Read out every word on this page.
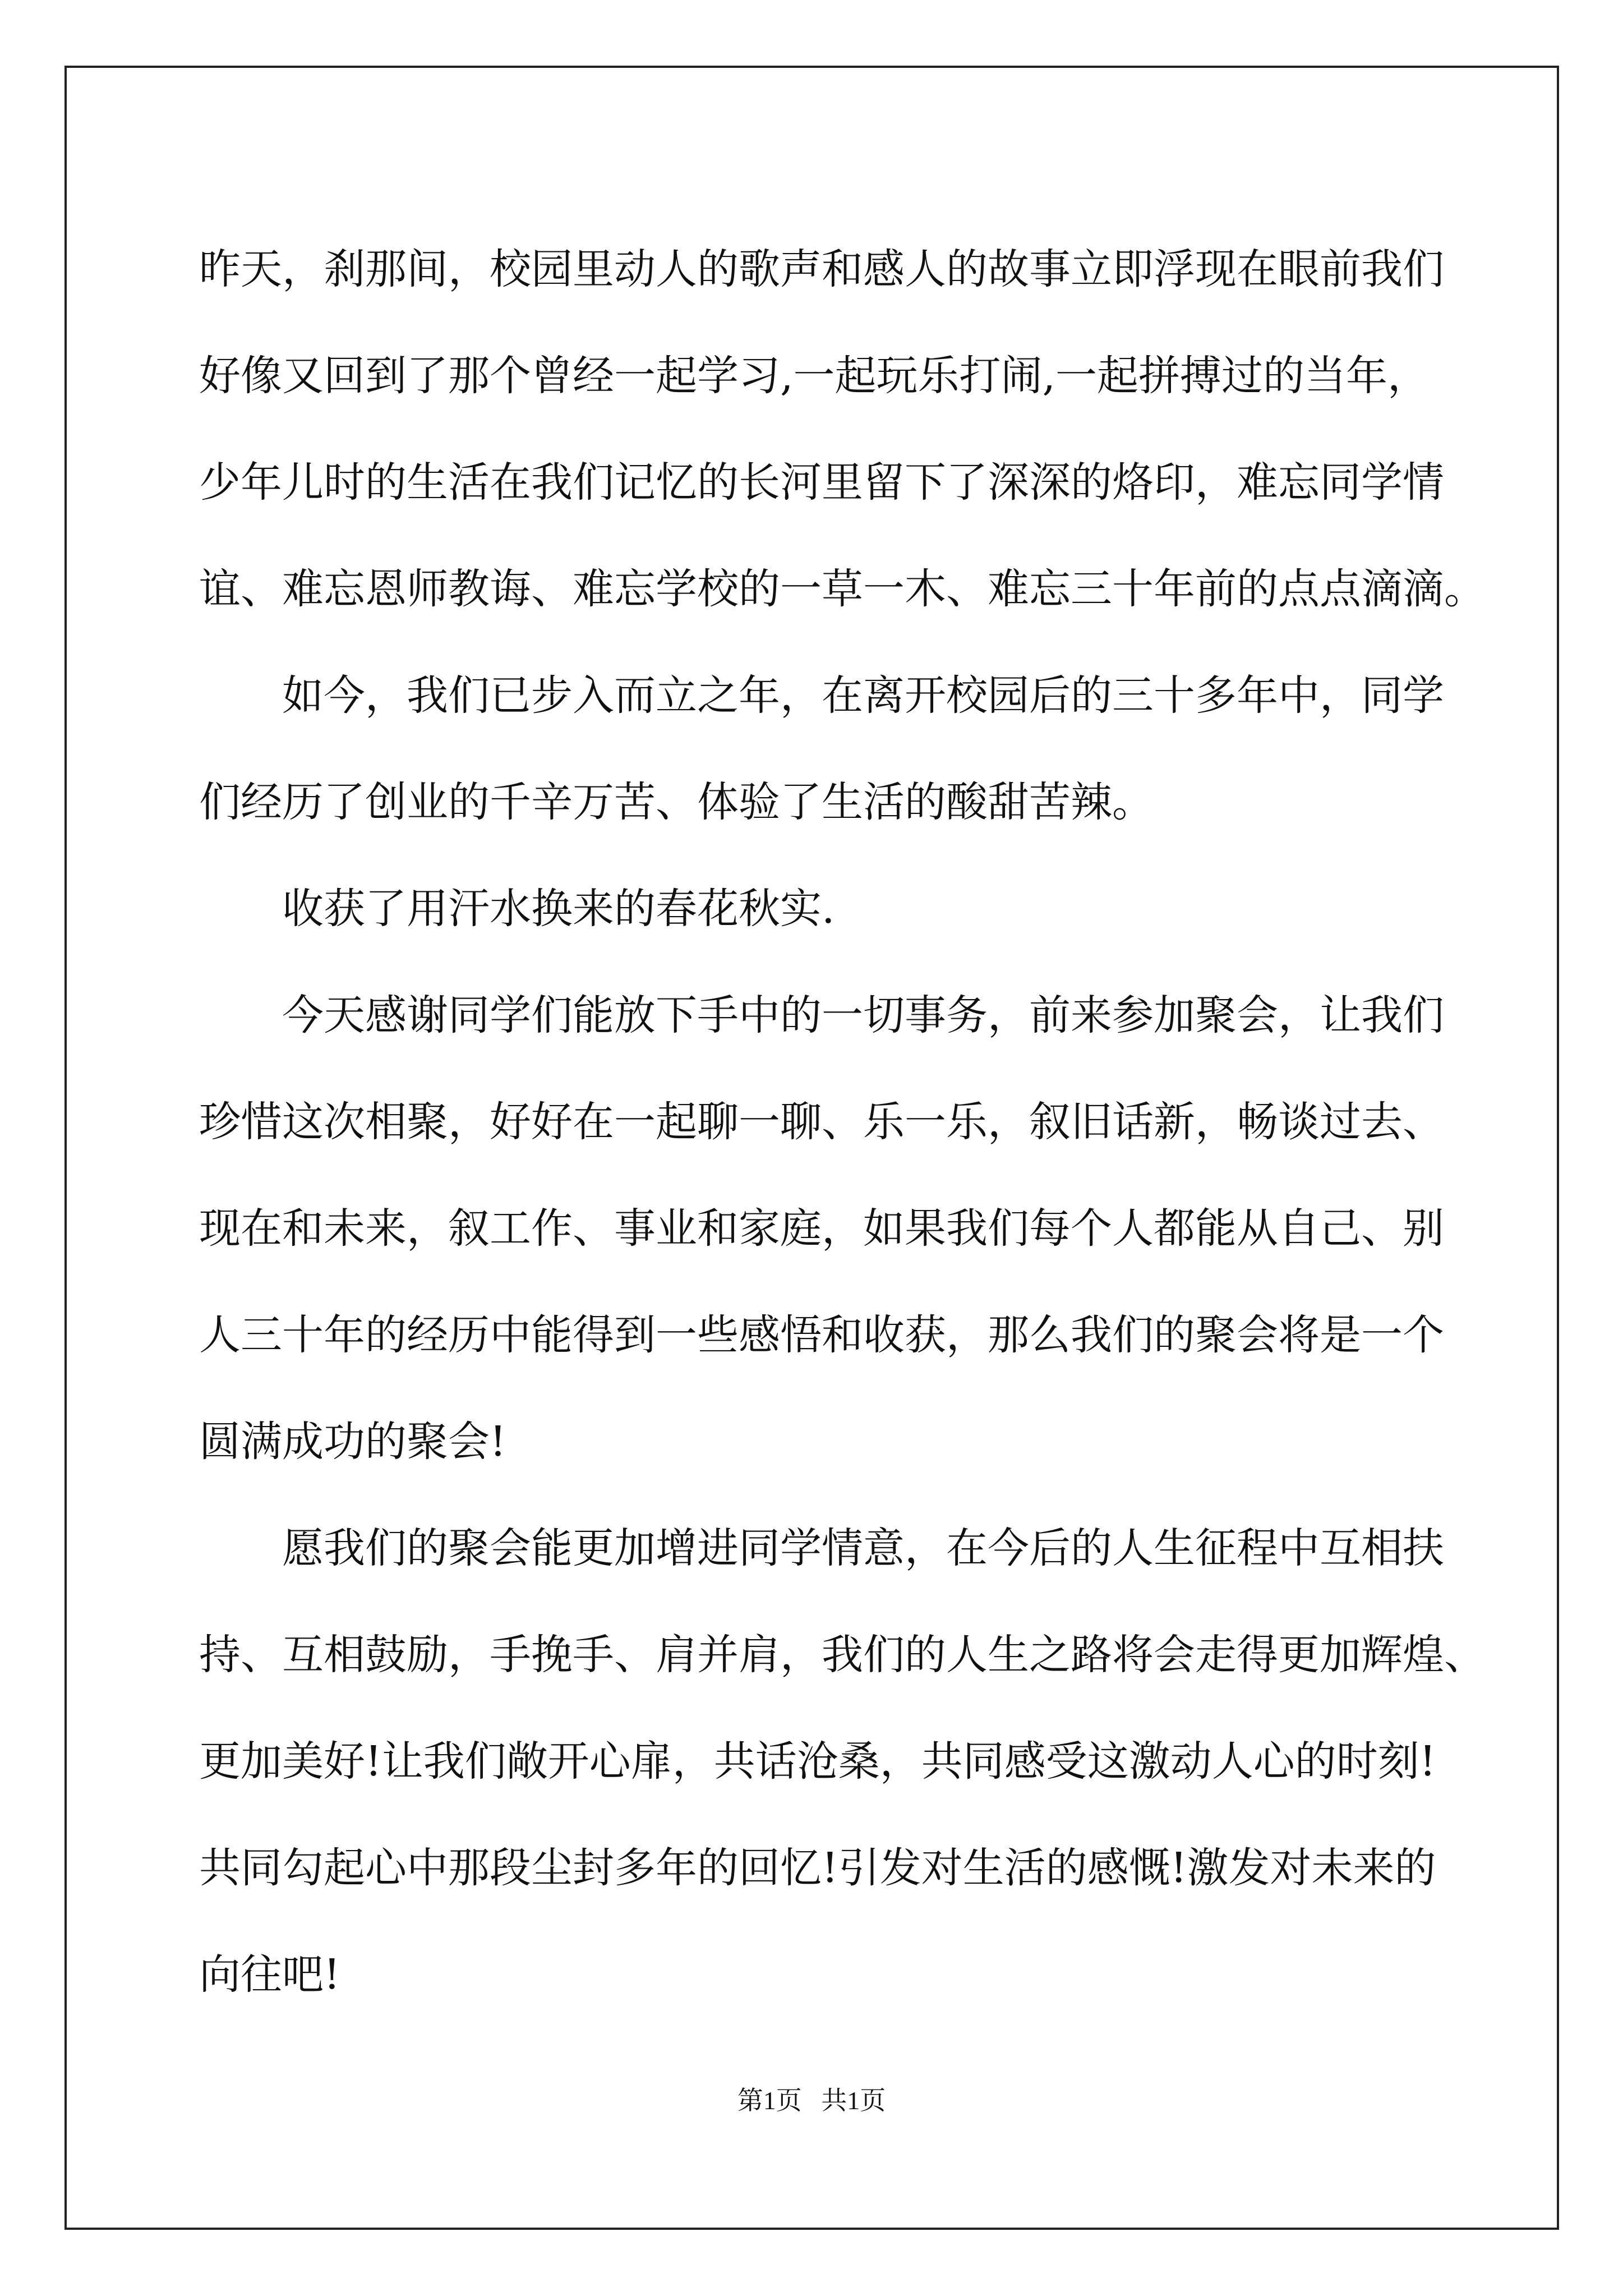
昨天，刹那间，校园里动人的歌声和感人的故事立即浮现在眼前我们
好像又回到了那个曾经一起学习,一起玩乐打闹,一起拼搏过的当年，
少年儿时的生活在我们记忆的长河里留下了深深的烙印，难忘同学情
谊、难忘恩师教诲、难忘学校的一草一木、难忘三十年前的点点滴滴。
如今，我们已步入而立之年，在离开校园后的三十多年中，同学
们经历了创业的千辛万苦、体验了生活的酸甜苦辣。
收获了用汗水换来的春花秋实.
今天感谢同学们能放下手中的一切事务，前来参加聚会，让我们
珍惜这次相聚，好好在一起聊一聊、乐一乐，叙旧话新，畅谈过去、
现在和未来，叙工作、事业和家庭，如果我们每个人都能从自己、别
人三十年的经历中能得到一些感悟和收获，那么我们的聚会将是一个
圆满成功的聚会!
愿我们的聚会能更加增进同学情意，在今后的人生征程中互相扶
持、互相鼓励，手挽手、肩并肩，我们的人生之路将会走得更加辉煌、
更加美好!让我们敞开心扉，共话沧桑，共同感受这激动人心的时刻!
共同勾起心中那段尘封多年的回忆!引发对生活的感慨!激发对未来的
向往吧!
第1页   共1页
